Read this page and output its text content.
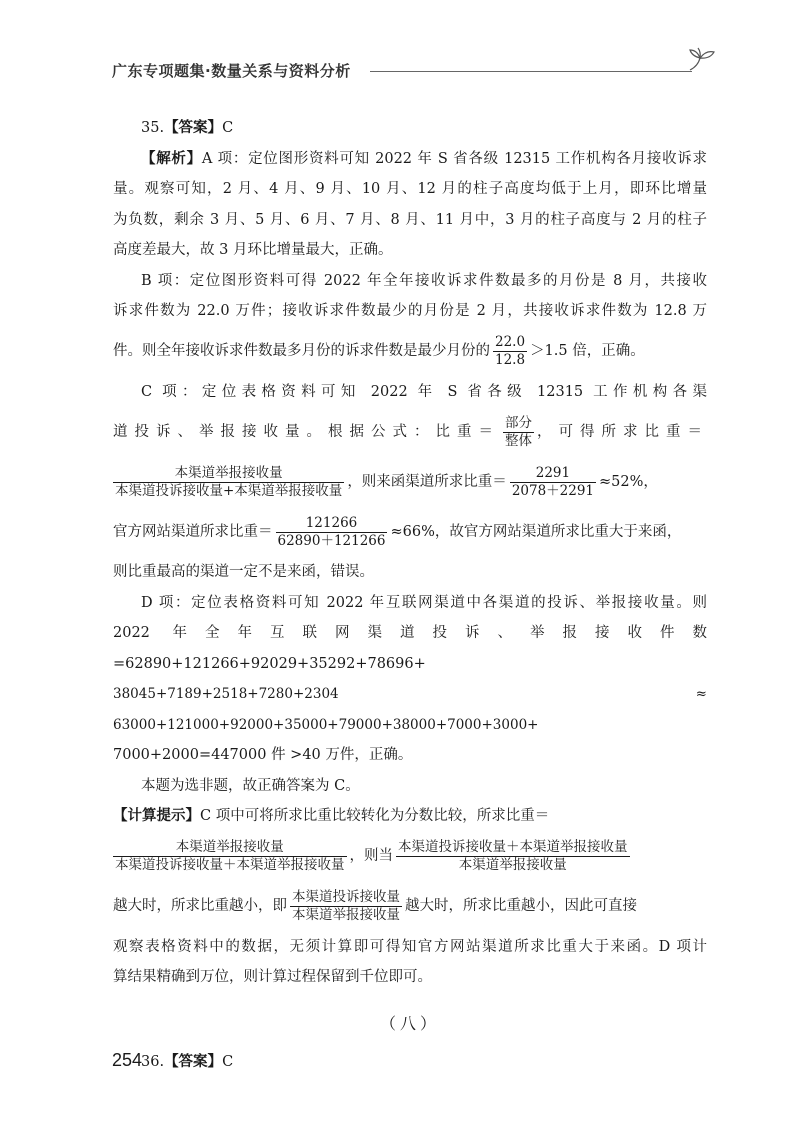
广东专项题集·数量关系与资料分析
35.【答案】C
【解析】A 项：定位图形资料可知 2022 年 S 省各级 12315 工作机构各月接收诉求
量。观察可知，2 月、4 月、9 月、10 月、12 月的柱子高度均低于上月，即环比增量
为负数，剩余 3 月、5 月、6 月、7 月、8 月、11 月中，3 月的柱子高度与 2 月的柱子
高度差最大，故 3 月环比增量最大，正确。
B 项：定位图形资料可得 2022 年全年接收诉求件数最多的月份是 8 月，共接收
诉求件数为 22.0 万件；接收诉求件数最少的月份是 2 月，共接收诉求件数为 12.8 万
件。则全年接收诉求件数最多月份的诉求件数是最少月份的 $\frac{22.0}{12.8} >1.5$ 倍，正确。
C 项：定位表格资料可知 2022 年 S 省各级 12315 工作机构各渠
道投诉、举报接收量。根据公式：比重＝ $\frac{\text{部分}}{\text{整体}}$ ，可得所求比重＝
$\frac{\text{本渠道举报接收量}}{\text{本渠道投诉接收量+本渠道举报接收量}}$ ，则来函渠道所求比重＝ $\frac{2291}{2078+2291} \approx 52\%$，
官方网站渠道所求比重＝ $\frac{121266}{62890+121266} \approx 66\%$，故官方网站渠道所求比重大于来函，
则比重最高的渠道一定不是来函，错误。
D 项：定位表格资料可知 2022 年互联网渠道中各渠道的投诉、举报接收量。则
2022 年全年互联网渠道投诉、举报接收件数=62890+121266+92029+35292+78696+
38045+7189+2518+7280+2304 ≈ 63000+121000+92000+35000+79000+38000+7000+3000+
7000+2000=447000 件 >40 万件，正确。
本题为选非题，故正确答案为 C。
【计算提示】C 项中可将所求比重比较转化为分数比较，所求比重＝
$\frac{\text{本渠道举报接收量}}{\text{本渠道投诉接收量＋本渠道举报接收量}}$ ，则当 $\frac{\text{本渠道投诉接收量＋本渠道举报接收量}}{\text{本渠道举报接收量}}$
越大时，所求比重越小，即 $\frac{\text{本渠道投诉接收量}}{\text{本渠道举报接收量}}$ 越大时，所求比重越小，因此可直接
观察表格资料中的数据，无须计算即可得知官方网站渠道所求比重大于来函。D 项计
算结果精确到万位，则计算过程保留到千位即可。
（八）
36.【答案】C
254
